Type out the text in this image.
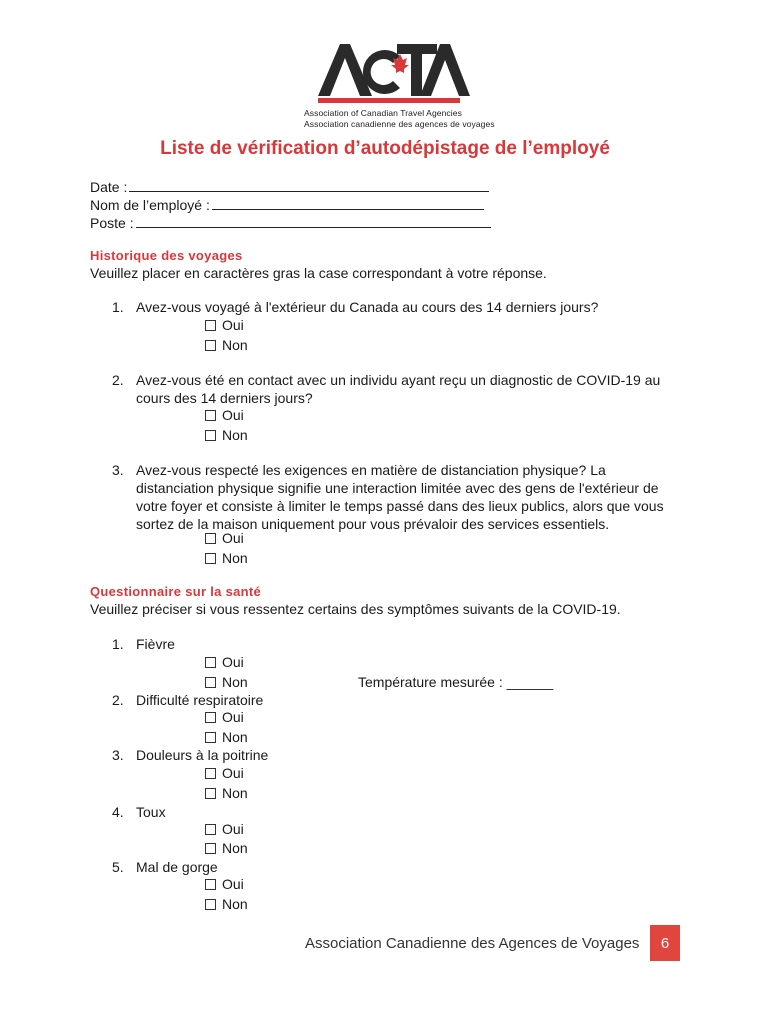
Association of Canadian Travel Agencies
Association canadienne des agences de voyages
Liste de vérification d’autodépistage de l’employé
Date :
Nom de l’employé :
Poste :
Historique des voyages
Veuillez placer en caractères gras la case correspondant à votre réponse.
1. Avez-vous voyagé à l'extérieur du Canada au cours des 14 derniers jours?
Oui
Non
2. Avez-vous été en contact avec un individu ayant reçu un diagnostic de COVID-19 au cours des 14 derniers jours?
Oui
Non
3. Avez-vous respecté les exigences en matière de distanciation physique? La distanciation physique signifie une interaction limitée avec des gens de l'extérieur de votre foyer et consiste à limiter le temps passé dans des lieux publics, alors que vous sortez de la maison uniquement pour vous prévaloir des services essentiels.
Oui
Non
Questionnaire sur la santé
Veuillez préciser si vous ressentez certains des symptômes suivants de la COVID-19.
1. Fièvre
Oui
Non	Température mesurée : ______
2. Difficulté respiratoire
Oui
Non
3. Douleurs à la poitrine
Oui
Non
4. Toux
Oui
Non
5. Mal de gorge
Oui
Non
Association Canadienne des Agences de Voyages	6
